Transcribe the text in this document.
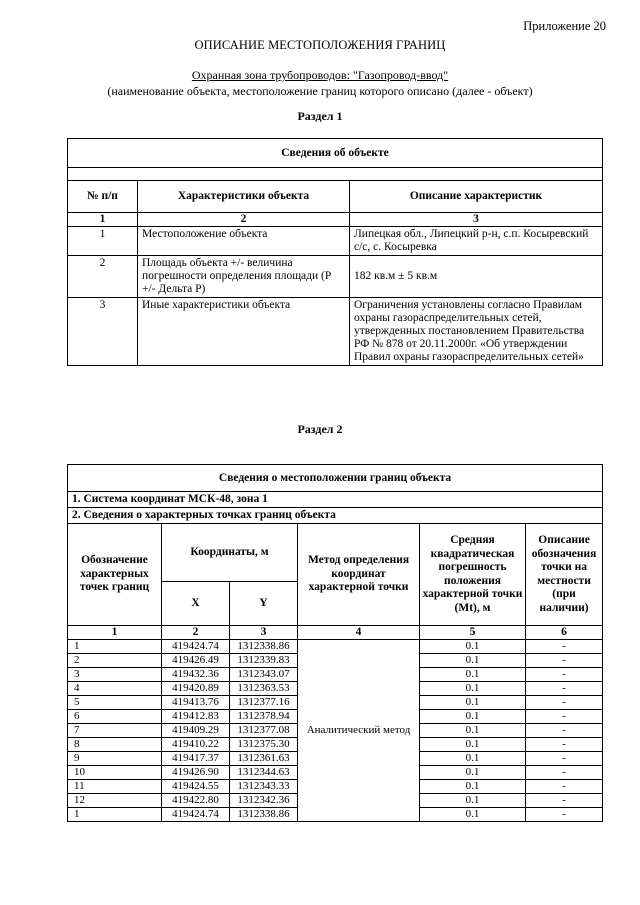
Приложение 20
ОПИСАНИЕ МЕСТОПОЛОЖЕНИЯ ГРАНИЦ
Охранная зона трубопроводов: "Газопровод-ввод"
(наименование объекта, местоположение границ которого описано (далее - объект)
Раздел 1
Сведения об объекте		

№ п/п	Характеристики объекта	Описание характеристик
1	2	3
1	Местоположение объекта	Липецкая обл., Липецкий р-н, с.п. Косыревский с/с, с. Косыревка
2	Площадь объекта +/- величина погрешности определения площади (Р +/- Дельта Р)	182 кв.м ± 5 кв.м
3	Иные характеристики объекта	Ограничения установлены согласно Правилам охраны газораспределительных сетей, утвержденных постановлением Правительства РФ № 878 от 20.11.2000г. «Об утверждении Правил охраны газораспределительных сетей»
Раздел 2
Сведения о местоположении границ объекта					
1. Система координат МСК-48, зона 1					
2. Сведения о характерных точках границ объекта					
Обозначение характерных точек границ	Координаты, м		Метод определения координат характерной точки	Средняя квадратическая погрешность положения характерной точки (Mt), м	Описание обозначения точки на местности (при наличии)
	X	Y			
1	2	3	4	5	6
1	419424.74	1312338.86	Аналитический метод	0.1	-
2	419426.49	1312339.83		0.1	-
3	419432.36	1312343.07		0.1	-
4	419420.89	1312363.53		0.1	-
5	419413.76	1312377.16		0.1	-
6	419412.83	1312378.94		0.1	-
7	419409.29	1312377.08		0.1	-
8	419410.22	1312375.30		0.1	-
9	419417.37	1312361.63		0.1	-
10	419426.90	1312344.63		0.1	-
11	419424.55	1312343.33		0.1	-
12	419422.80	1312342.36		0.1	-
1	419424.74	1312338.86		0.1	-
